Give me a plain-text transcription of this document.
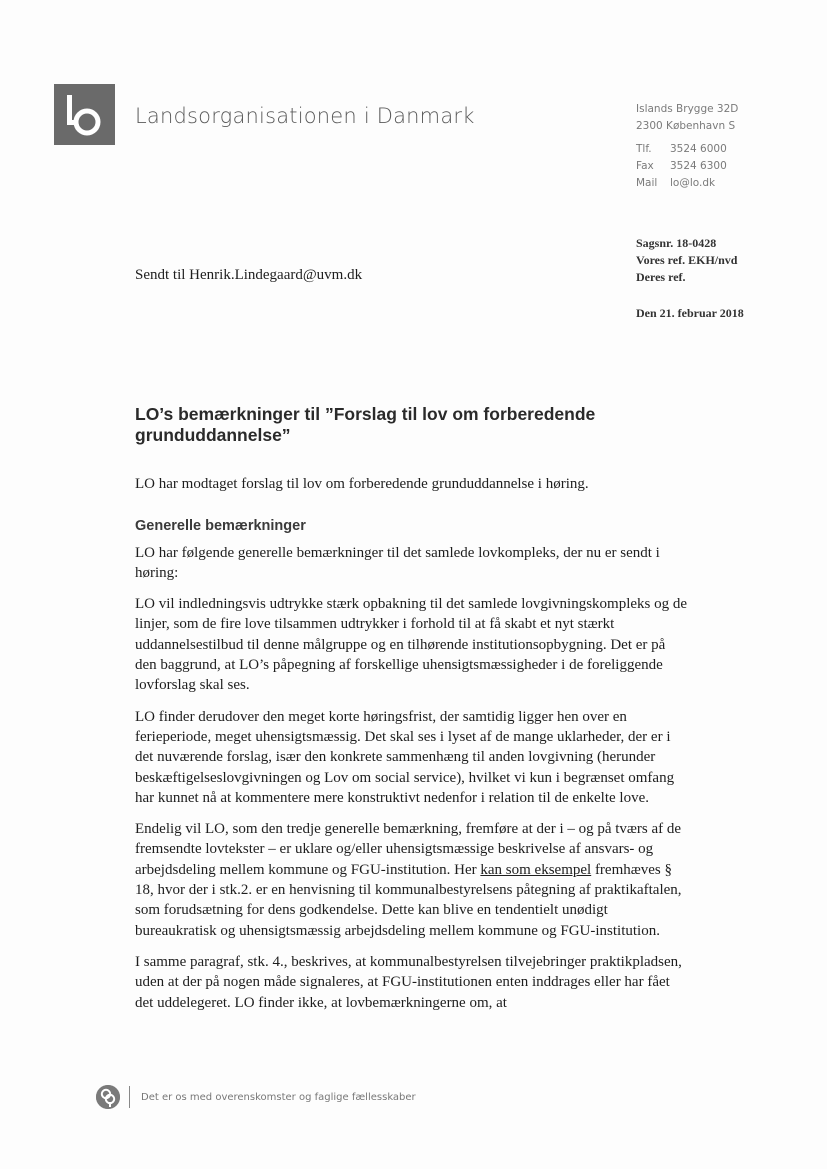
Landsorganisationen i Danmark	Islands Brygge 32D
2300 København S
Tlf. 3524 6000
Fax 3524 6300
Mail lo@lo.dk
Sagsnr. 18-0428
Vores ref. EKH/nvd
Deres ref.
Sendt til Henrik.Lindegaard@uvm.dk
Den 21. februar 2018
LO’s bemærkninger til ”Forslag til lov om forberedende grunduddannelse”

LO har modtaget forslag til lov om forberedende grunduddannelse i høring.

Generelle bemærkninger

LO har følgende generelle bemærkninger til det samlede lovkompleks, der nu er sendt i høring:

LO vil indledningsvis udtrykke stærk opbakning til det samlede lovgivningskompleks og de linjer, som de fire love tilsammen udtrykker i forhold til at få skabt et nyt stærkt uddannelsestilbud til denne målgruppe og en tilhørende institutionsopbygning. Det er på den baggrund, at LO’s påpegning af forskellige uhensigtsmæssigheder i de foreliggende lovforslag skal ses.

LO finder derudover den meget korte høringsfrist, der samtidig ligger hen over en ferieperiode, meget uhensigtsmæssig. Det skal ses i lyset af de mange uklarheder, der er i det nuværende forslag, især den konkrete sammenhæng til anden lovgivning (herunder beskæftigelseslovgivningen og Lov om social service), hvilket vi kun i begrænset omfang har kunnet nå at kommentere mere konstruktivt nedenfor i relation til de enkelte love.

Endelig vil LO, som den tredje generelle bemærkning, fremføre at der i – og på tværs af de fremsendte lovtekster – er uklare og/eller uhensigtsmæssige beskrivelse af ansvars- og arbejdsdeling mellem kommune og FGU-institution. Her kan som eksempel fremhæves § 18, hvor der i stk.2. er en henvisning til kommunalbestyrelsens påtegning af praktikaftalen, som forudsætning for dens godkendelse. Dette kan blive en tendentielt unødigt bureaukratisk og uhensigtsmæssig arbejdsdeling mellem kommune og FGU-institution.

I samme paragraf, stk. 4., beskrives, at kommunalbestyrelsen tilvejebringer praktikpladsen, uden at der på nogen måde signaleres, at FGU-institutionen enten inddrages eller har fået det uddelegeret. LO finder ikke, at lovbemærkningerne om, at

Det er os med overenskomster og faglige fællesskaber
